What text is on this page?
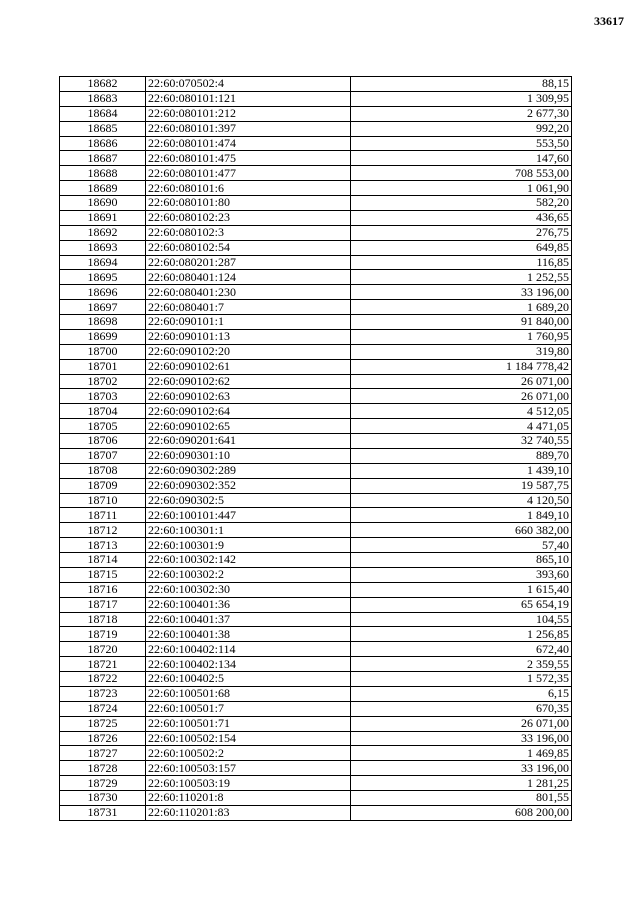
33617
18682	22:60:070502:4	88,15
18683	22:60:080101:121	1 309,95
18684	22:60:080101:212	2 677,30
18685	22:60:080101:397	992,20
18686	22:60:080101:474	553,50
18687	22:60:080101:475	147,60
18688	22:60:080101:477	708 553,00
18689	22:60:080101:6	1 061,90
18690	22:60:080101:80	582,20
18691	22:60:080102:23	436,65
18692	22:60:080102:3	276,75
18693	22:60:080102:54	649,85
18694	22:60:080201:287	116,85
18695	22:60:080401:124	1 252,55
18696	22:60:080401:230	33 196,00
18697	22:60:080401:7	1 689,20
18698	22:60:090101:1	91 840,00
18699	22:60:090101:13	1 760,95
18700	22:60:090102:20	319,80
18701	22:60:090102:61	1 184 778,42
18702	22:60:090102:62	26 071,00
18703	22:60:090102:63	26 071,00
18704	22:60:090102:64	4 512,05
18705	22:60:090102:65	4 471,05
18706	22:60:090201:641	32 740,55
18707	22:60:090301:10	889,70
18708	22:60:090302:289	1 439,10
18709	22:60:090302:352	19 587,75
18710	22:60:090302:5	4 120,50
18711	22:60:100101:447	1 849,10
18712	22:60:100301:1	660 382,00
18713	22:60:100301:9	57,40
18714	22:60:100302:142	865,10
18715	22:60:100302:2	393,60
18716	22:60:100302:30	1 615,40
18717	22:60:100401:36	65 654,19
18718	22:60:100401:37	104,55
18719	22:60:100401:38	1 256,85
18720	22:60:100402:114	672,40
18721	22:60:100402:134	2 359,55
18722	22:60:100402:5	1 572,35
18723	22:60:100501:68	6,15
18724	22:60:100501:7	670,35
18725	22:60:100501:71	26 071,00
18726	22:60:100502:154	33 196,00
18727	22:60:100502:2	1 469,85
18728	22:60:100503:157	33 196,00
18729	22:60:100503:19	1 281,25
18730	22:60:110201:8	801,55
18731	22:60:110201:83	608 200,00
